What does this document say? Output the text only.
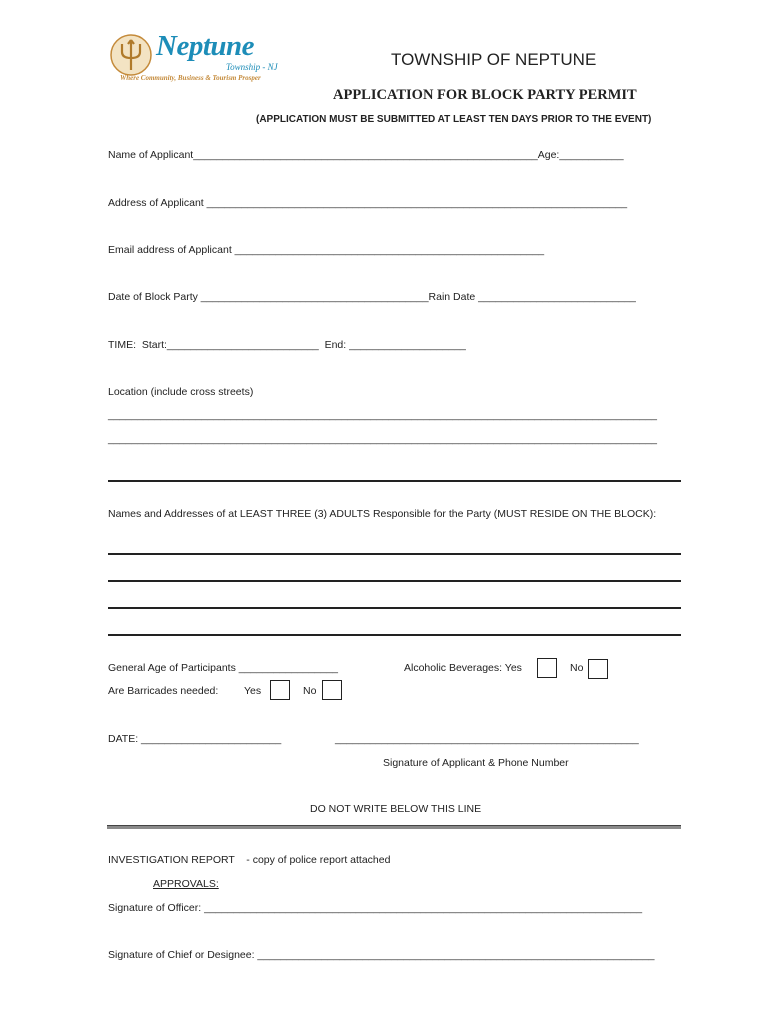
Neptune
Township - NJ
Where Community, Business & Tourism Prosper
TOWNSHIP OF NEPTUNE
APPLICATION FOR BLOCK PARTY PERMIT
(APPLICATION MUST BE SUBMITTED AT LEAST TEN DAYS PRIOR TO THE EVENT)
Name of Applicant___________________________________________________________Age:___________
Address of Applicant ________________________________________________________________________
Email address of Applicant _____________________________________________________
Date of Block Party _______________________________________Rain Date ___________________________
TIME:  Start:__________________________  End: ____________________
Location (include cross streets)
______________________________________________________________________________________________
______________________________________________________________________________________________
Names and Addresses of at LEAST THREE (3) ADULTS Responsible for the Party (MUST RESIDE ON THE BLOCK):
General Age of Participants _________________	Alcoholic Beverages: Yes	No
Are Barricades needed: Yes	No
DATE: ________________________	____________________________________________________
Signature of Applicant & Phone Number
DO NOT WRITE BELOW THIS LINE
INVESTIGATION REPORT    - copy of police report attached
APPROVALS:
Signature of Officer: ___________________________________________________________________________
Signature of Chief or Designee: ____________________________________________________________________
